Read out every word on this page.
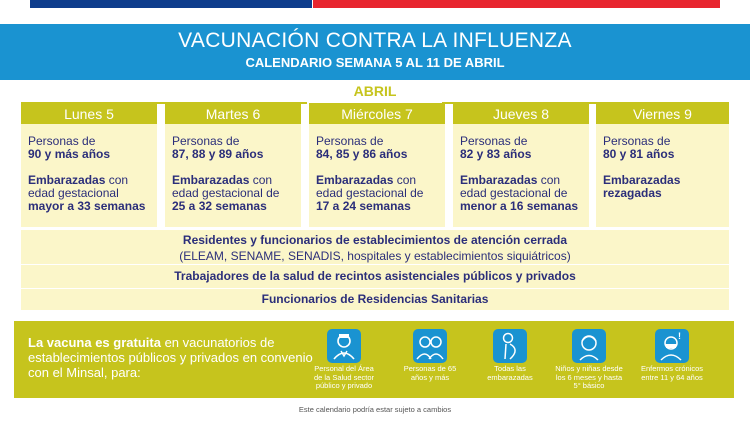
VACUNACIÓN CONTRA LA INFLUENZA
CALENDARIO SEMANA 5 AL 11 DE ABRIL
ABRIL
Lunes 5
Personas de
90 y más años
Embarazadas con
edad gestacional
mayor a 33 semanas
Martes 6
Personas de
87, 88 y 89 años
Embarazadas con
edad gestacional de
25 a 32 semanas
Miércoles 7
Personas de
84, 85 y 86 años
Embarazadas con
edad gestacional de
17 a 24 semanas
Jueves 8
Personas de
82 y 83 años
Embarazadas con
edad gestacional de
menor a 16 semanas
Viernes 9
Personas de
80 y 81 años
Embarazadas
rezagadas
Residentes y funcionarios de establecimientos de atención cerrada
(ELEAM, SENAME, SENADIS, hospitales y establecimientos siquiátricos)
Trabajadores de la salud de recintos asistenciales públicos y privados
Funcionarios de Residencias Sanitarias
La vacuna es gratuita en vacunatorios de establecimientos públicos y privados en convenio con el Minsal, para:	Personal del Área de la Salud sector público y privado
Personas de 65 años y más
Todas las embarazadas
Niños y niñas desde los 6 meses y hasta 5° básico
!
Enfermos crónicos entre 11 y 64 años
Este calendario podría estar sujeto a cambios
